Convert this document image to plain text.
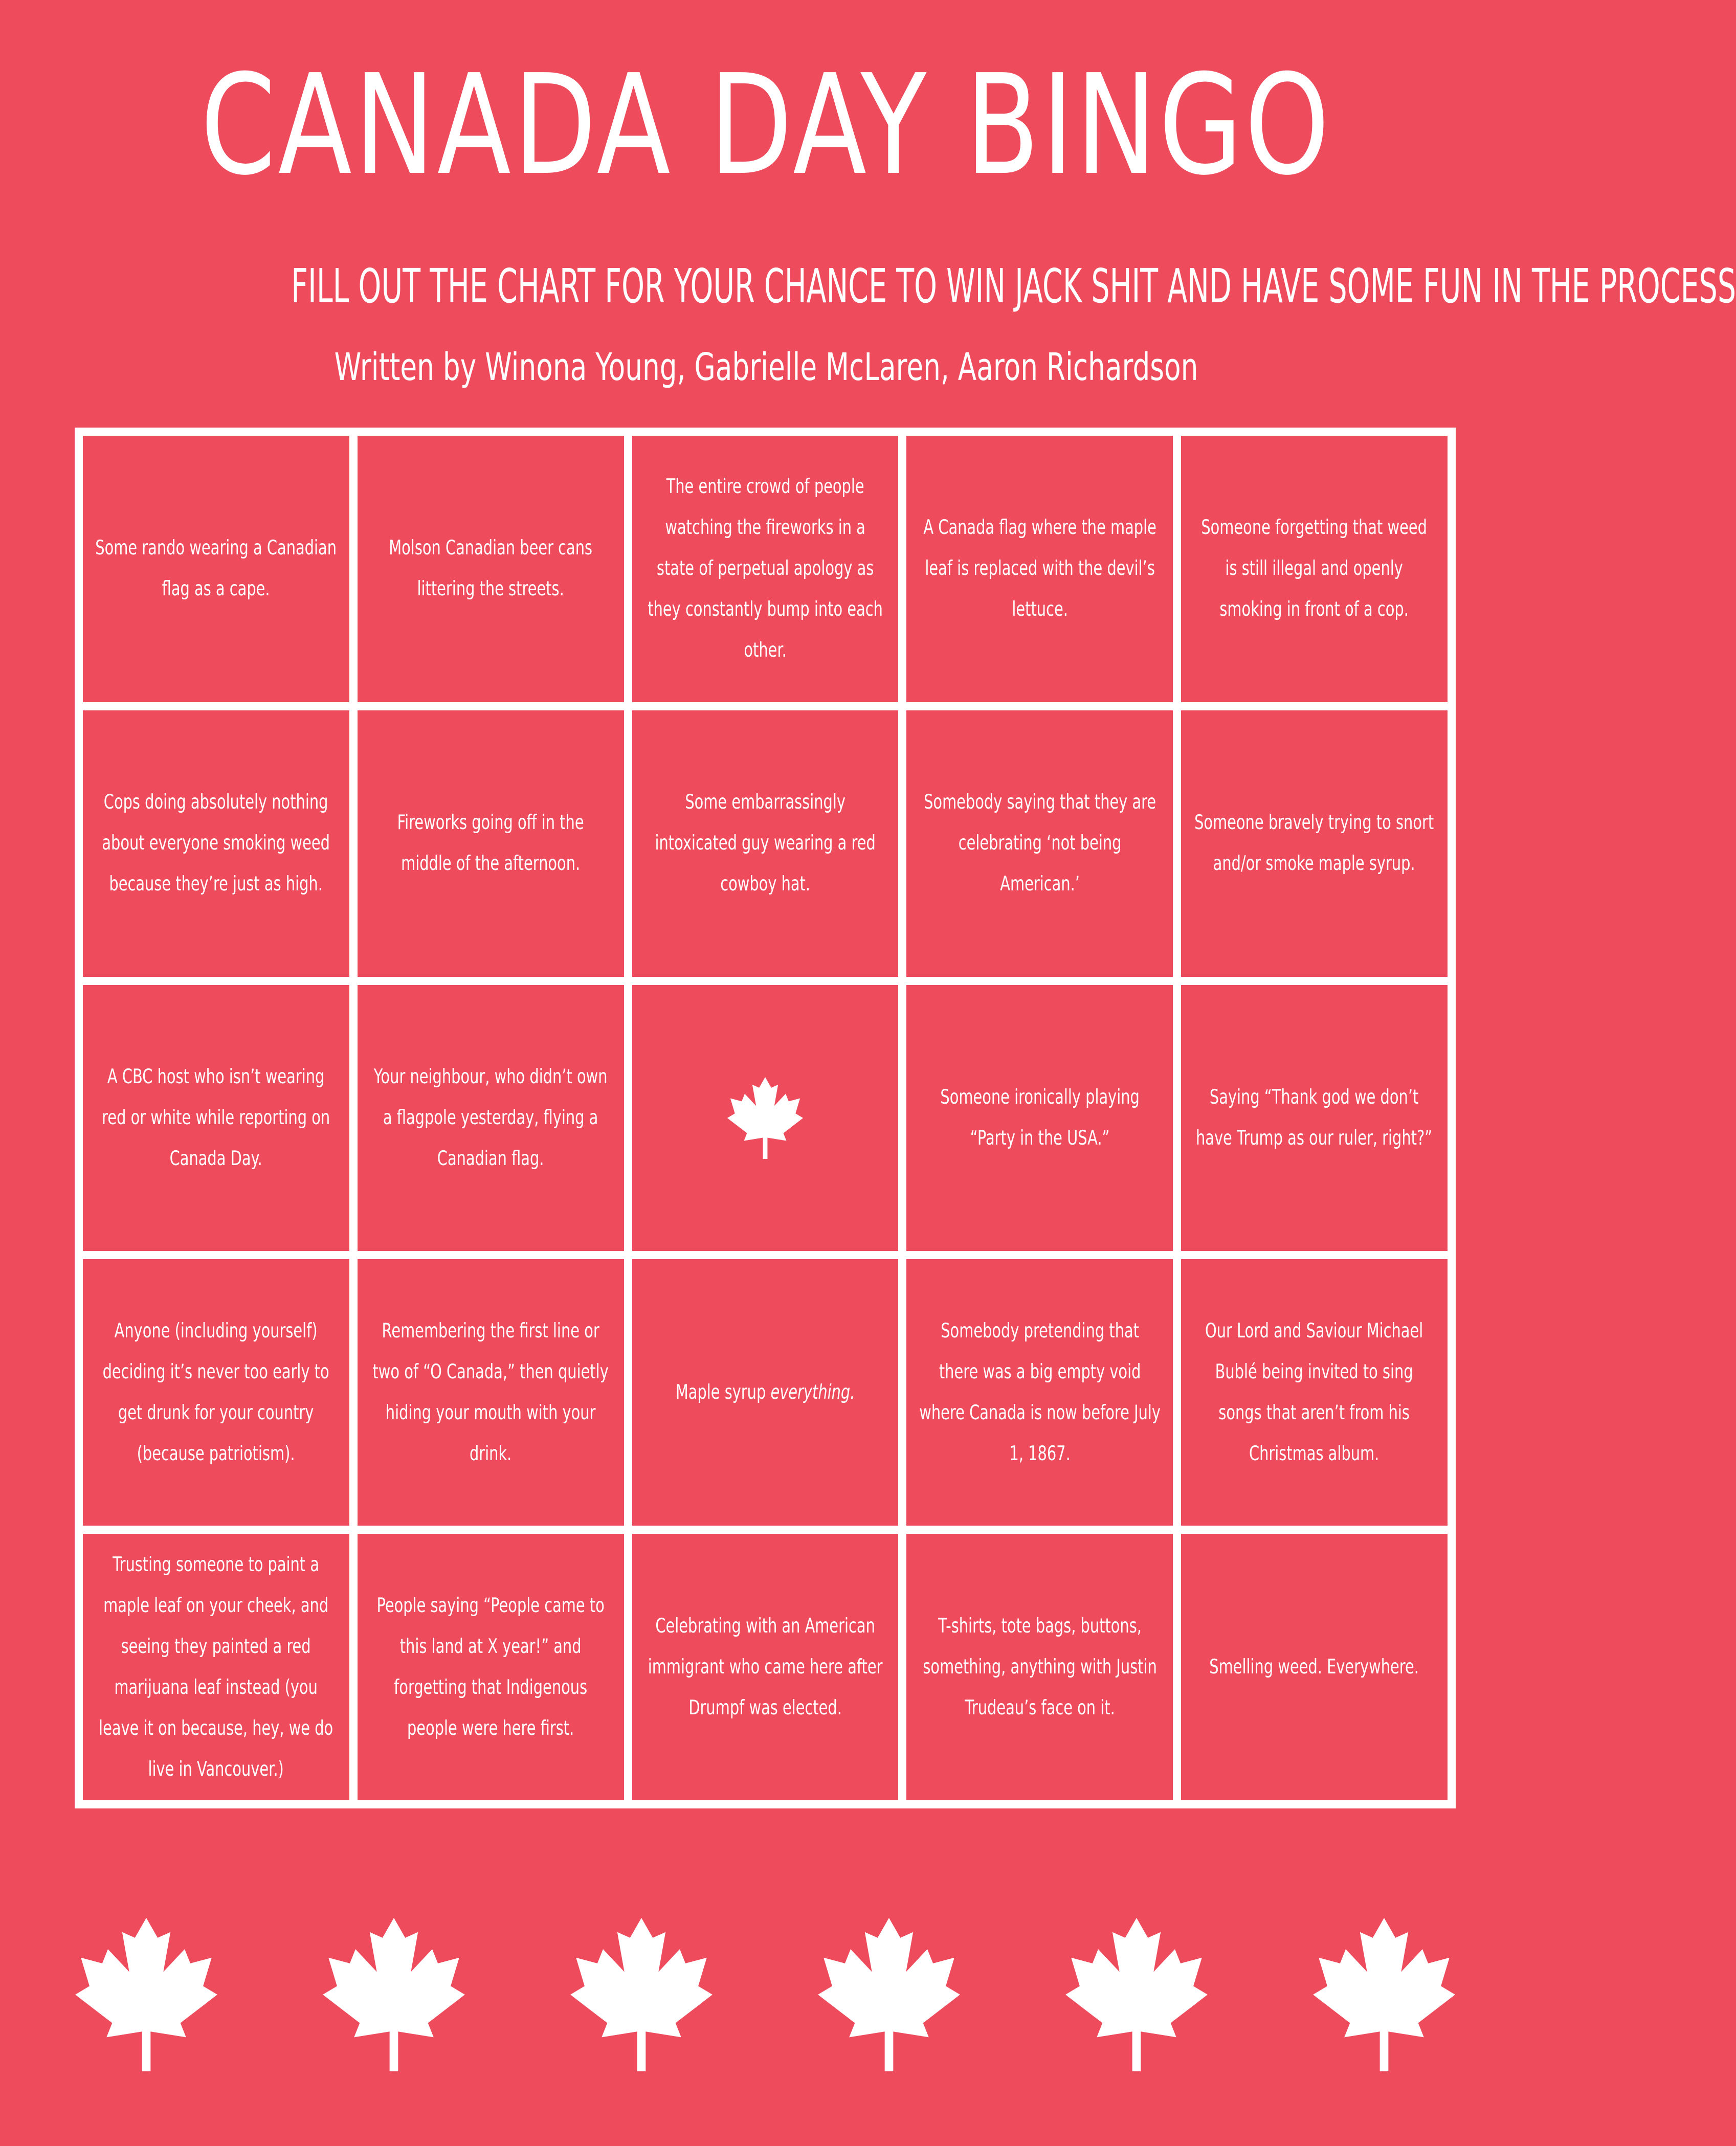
CANADA DAY BINGO
FILL OUT THE CHART FOR YOUR CHANCE TO WIN JACK SHIT AND HAVE SOME FUN IN THE PROCESS
Written by Winona Young, Gabrielle McLaren, Aaron Richardson
Some rando wearing a Canadian flag as a cape.
Molson Canadian beer cans littering the streets.
The entire crowd of people watching the fireworks in a state of perpetual apology as they constantly bump into each other.
A Canada flag where the maple leaf is replaced with the devil’s lettuce.
Someone forgetting that weed is still illegal and openly smoking in front of a cop.
Cops doing absolutely nothing about everyone smoking weed because they’re just as high.
Fireworks going off in the middle of the afternoon.
Some embarrassingly intoxicated guy wearing a red cowboy hat.
Somebody saying that they are celebrating ‘not being American.’
Someone bravely trying to snort and/or smoke maple syrup.
A CBC host who isn’t wearing red or white while reporting on Canada Day.
Your neighbour, who didn’t own a flagpole yesterday, flying a Canadian flag.
Someone ironically playing “Party in the USA.”
Saying “Thank god we don’t have Trump as our ruler, right?”
Anyone (including yourself) deciding it’s never too early to get drunk for your country (because patriotism).
Remembering the first line or two of “O Canada,” then quietly hiding your mouth with your drink.
Maple syrup everything.
Somebody pretending that there was a big empty void where Canada is now before July 1, 1867.
Our Lord and Saviour Michael Bublé being invited to sing songs that aren’t from his Christmas album.
Trusting someone to paint a maple leaf on your cheek, and seeing they painted a red marijuana leaf instead (you leave it on because, hey, we do live in Vancouver.)
People saying “People came to this land at X year!” and forgetting that Indigenous people were here first.
Celebrating with an American immigrant who came here after Drumpf was elected.
T-shirts, tote bags, buttons, something, anything with Justin Trudeau’s face on it.
Smelling weed. Everywhere.
